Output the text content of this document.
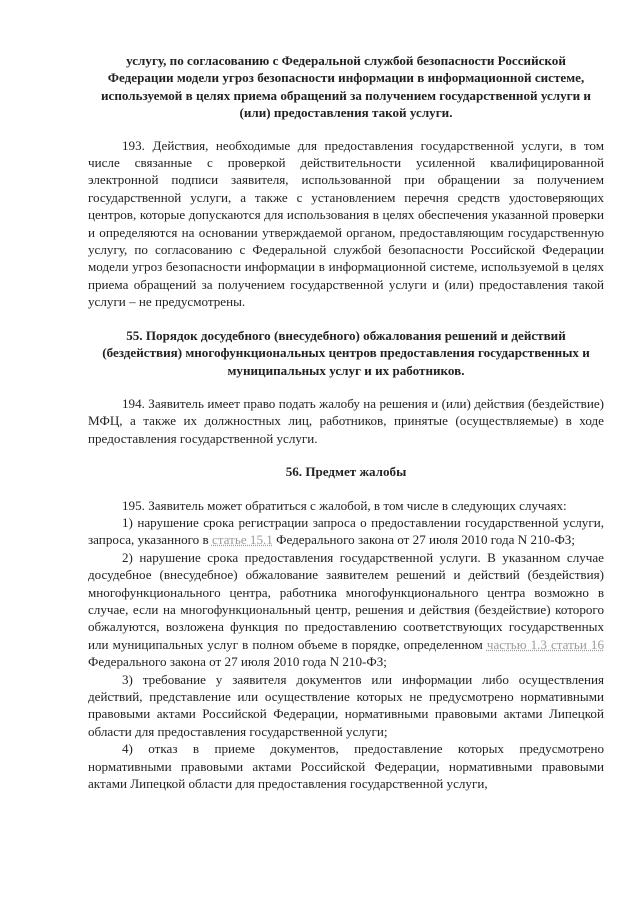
услугу, по согласованию с Федеральной службой безопасности Российской Федерации модели угроз безопасности информации в информационной системе, используемой в целях приема обращений за получением государственной услуги и (или) предоставления такой услуги.

193. Действия, необходимые для предоставления государственной услуги, в том числе связанные с проверкой действительности усиленной квалифицированной электронной подписи заявителя, использованной при обращении за получением государственной услуги, а также с установлением перечня средств удостоверяющих центров, которые допускаются для использования в целях обеспечения указанной проверки и определяются на основании утверждаемой органом, предоставляющим государственную услугу, по согласованию с Федеральной службой безопасности Российской Федерации модели угроз безопасности информации в информационной системе, используемой в целях приема обращений за получением государственной услуги и (или) предоставления такой услуги – не предусмотрены.

55. Порядок досудебного (внесудебного) обжалования решений и действий (бездействия) многофункциональных центров предоставления государственных и муниципальных услуг и их работников.

194. Заявитель имеет право подать жалобу на решения и (или) действия (бездействие) МФЦ, а также их должностных лиц, работников, принятые (осуществляемые) в ходе предоставления государственной услуги.

56. Предмет жалобы

195. Заявитель может обратиться с жалобой, в том числе в следующих случаях:

1) нарушение срока регистрации запроса о предоставлении государственной услуги, запроса, указанного в статье 15.1 Федерального закона от 27 июля 2010 года N 210-ФЗ;

2) нарушение срока предоставления государственной услуги. В указанном случае досудебное (внесудебное) обжалование заявителем решений и действий (бездействия) многофункционального центра, работника многофункционального центра возможно в случае, если на многофункциональный центр, решения и действия (бездействие) которого обжалуются, возложена функция по предоставлению соответствующих государственных или муниципальных услуг в полном объеме в порядке, определенном частью 1.3 статьи 16 Федерального закона от 27 июля 2010 года N 210-ФЗ;

3) требование у заявителя документов или информации либо осуществления действий, представление или осуществление которых не предусмотрено нормативными правовыми актами Российской Федерации, нормативными правовыми актами Липецкой области для предоставления государственной услуги;

4) отказ в приеме документов, предоставление которых предусмотрено нормативными правовыми актами Российской Федерации, нормативными правовыми актами Липецкой области для предоставления государственной услуги,
